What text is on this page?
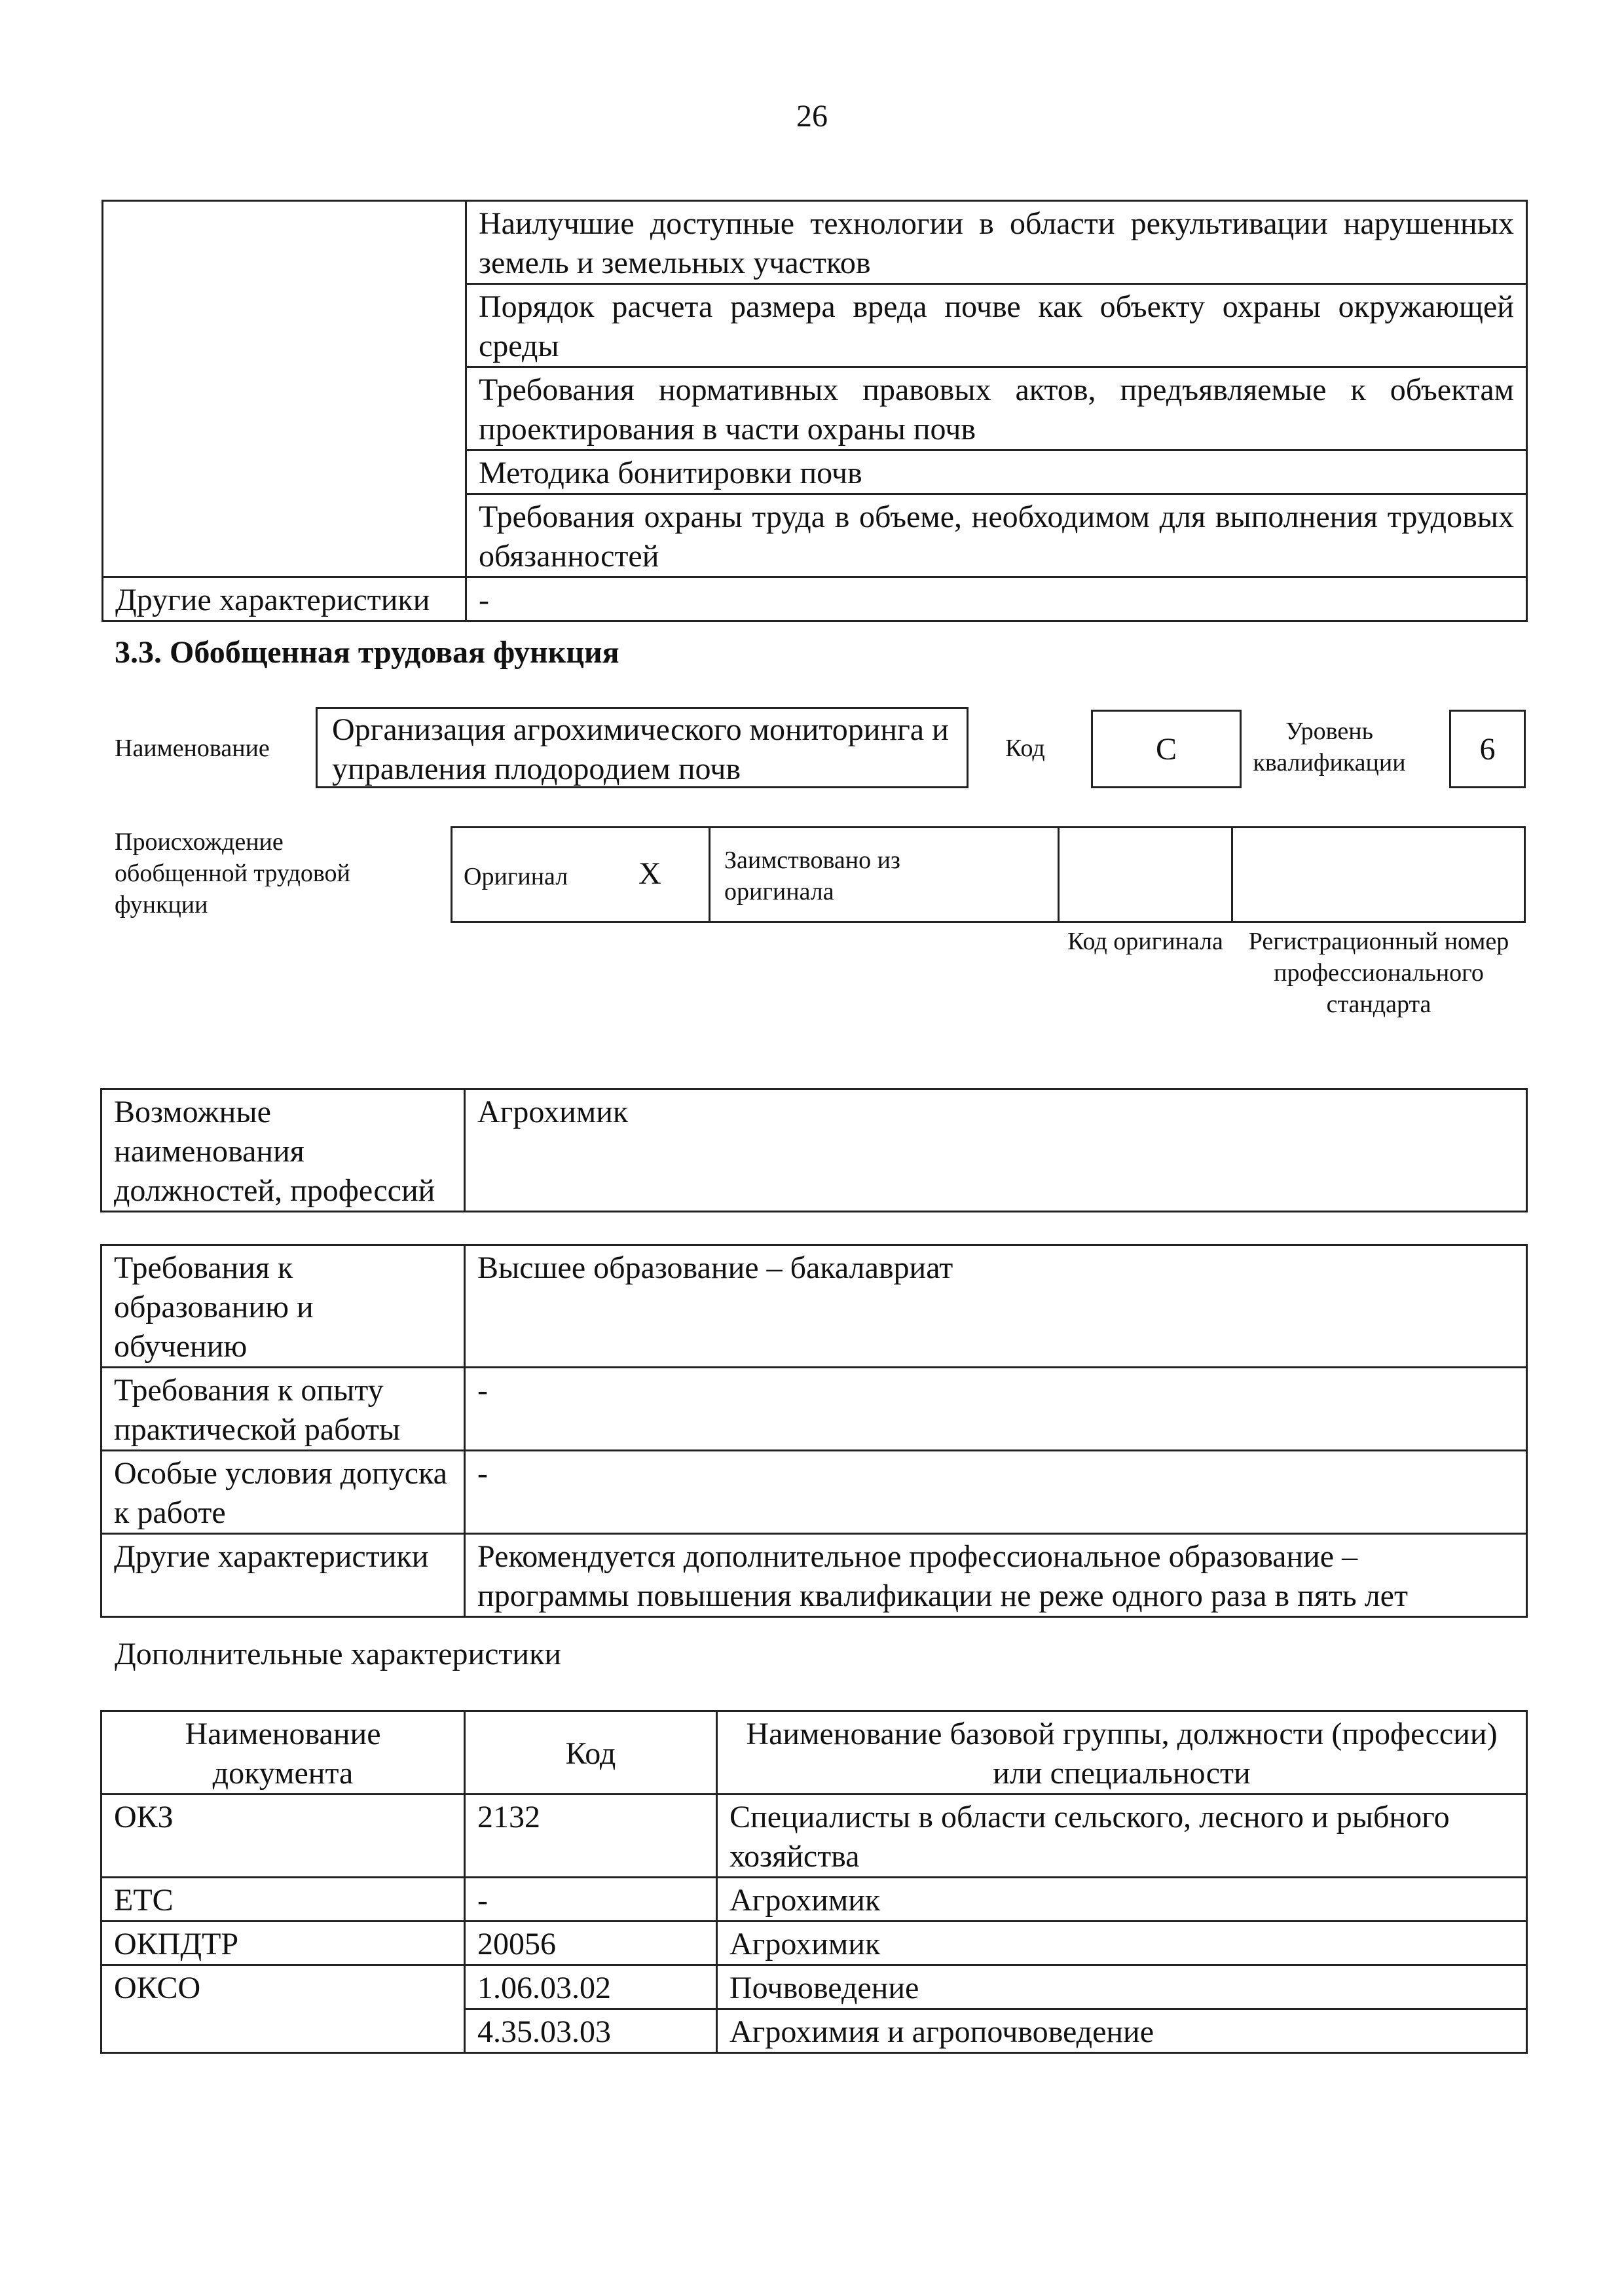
26
	Наилучшие доступные технологии в области рекультивации нарушенных земель и земельных участков
	Порядок расчета размера вреда почве как объекту охраны окружающей среды
	Требования нормативных правовых актов, предъявляемые к объектам проектирования в части охраны почв
	Методика бонитировки почв
	Требования охраны труда в объеме, необходимом для выполнения трудовых обязанностей
Другие характеристики	-
3.3. Обобщенная трудовая функция
Наименование
Организация агрохимического мониторинга и управления плодородием почв
Код	C
Уровень квалификации	6
Происхождение обобщенной трудовой функции
Оригинал X	Заимствовано из оригинала
Код оригинала	Регистрационный номер профессионального стандарта
Возможные наименования должностей, профессий	Агрохимик
Требования к образованию и обучению	Высшее образование – бакалавриат
Требования к опыту практической работы	-
Особые условия допуска к работе	-
Другие характеристики	Рекомендуется дополнительное профессиональное образование – программы повышения квалификации не реже одного раза в пять лет
Дополнительные характеристики
Наименование документа	Код	Наименование базовой группы, должности (профессии) или специальности
ОКЗ	2132	Специалисты в области сельского, лесного и рыбного хозяйства
ЕТС	-	Агрохимик
ОКПДТР	20056	Агрохимик
ОКСО	1.06.03.02	Почвоведение
	4.35.03.03	Агрохимия и агропочвоведение
